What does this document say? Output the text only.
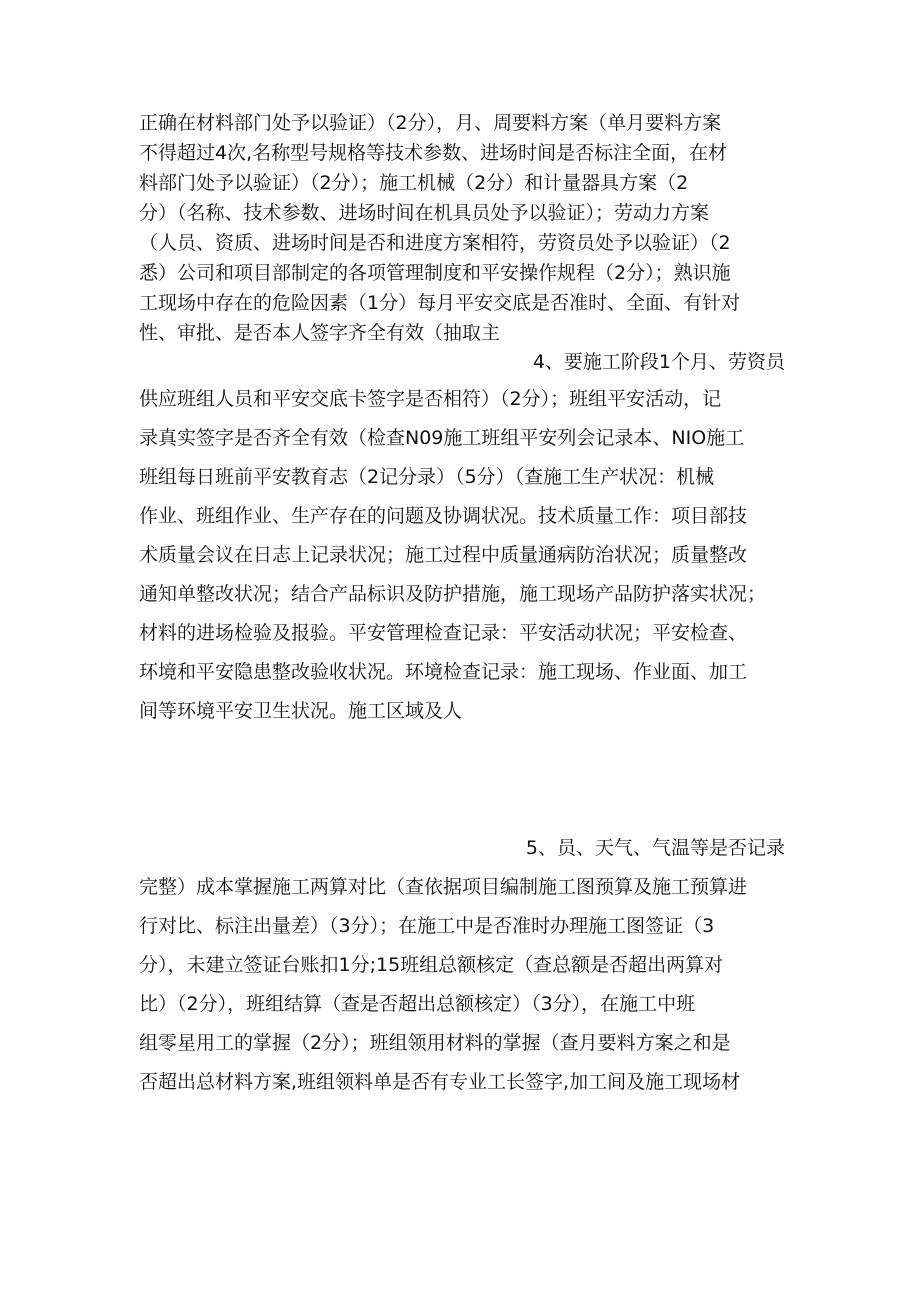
正确在材料部门处予以验证）（2分），月、周要料方案（单月要料方案
不得超过4次,名称型号规格等技术参数、进场时间是否标注全面，在材
料部门处予以验证）（2分）；施工机械（2分）和计量器具方案（2
分）（名称、技术参数、进场时间在机具员处予以验证）；劳动力方案
（人员、资质、进场时间是否和进度方案相符，劳资员处予以验证）（2
悉）公司和项目部制定的各项管理制度和平安操作规程（2分）；熟识施
工现场中存在的危险因素（1分）每月平安交底是否准时、全面、有针对
性、审批、是否本人签字齐全有效（抽取主
4、要施工阶段1个月、劳资员
供应班组人员和平安交底卡签字是否相符）（2分）；班组平安活动，记
录真实签字是否齐全有效（检查N09施工班组平安列会记录本、NIO施工
班组每日班前平安教育志（2记分录）（5分）（查施工生产状况：机械
作业、班组作业、生产存在的问题及协调状况。技术质量工作：项目部技
术质量会议在日志上记录状况；施工过程中质量通病防治状况；质量整改
通知单整改状况；结合产品标识及防护措施，施工现场产品防护落实状况；
材料的进场检验及报验。平安管理检查记录：平安活动状况；平安检查、
环境和平安隐患整改验收状况。环境检查记录：施工现场、作业面、加工
间等环境平安卫生状况。施工区域及人
5、员、天气、气温等是否记录
完整）成本掌握施工两算对比（查依据项目编制施工图预算及施工预算进
行对比、标注出量差）（3分）；在施工中是否准时办理施工图签证（3
分），未建立签证台账扣1分;15班组总额核定（查总额是否超出两算对
比）（2分），班组结算（查是否超出总额核定）（3分），在施工中班
组零星用工的掌握（2分）；班组领用材料的掌握（查月要料方案之和是
否超出总材料方案,班组领料单是否有专业工长签字,加工间及施工现场材
